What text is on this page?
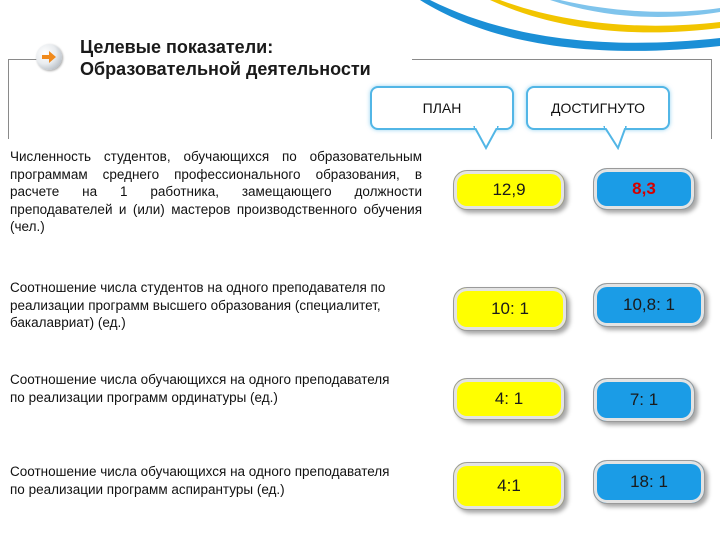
Целевые показатели:
Образовательной деятельности
ПЛАН	ДОСТИГНУТО
Численность студентов, обучающихся по образовательным программам среднего профессионального образования, в расчете на 1 работника, замещающего должности преподавателей и (или) мастеров производственного обучения (чел.)
12,9	8,3
Соотношение числа студентов на одного преподавателя по реализации программ высшего образования (специалитет, бакалавриат) (ед.)
10: 1	10,8: 1
Соотношение числа обучающихся на одного преподавателя по реализации программ ординатуры (ед.)	4: 1	7: 1
Соотношение числа обучающихся на одного преподавателя по реализации программ аспирантуры (ед.)	4:1	18: 1
